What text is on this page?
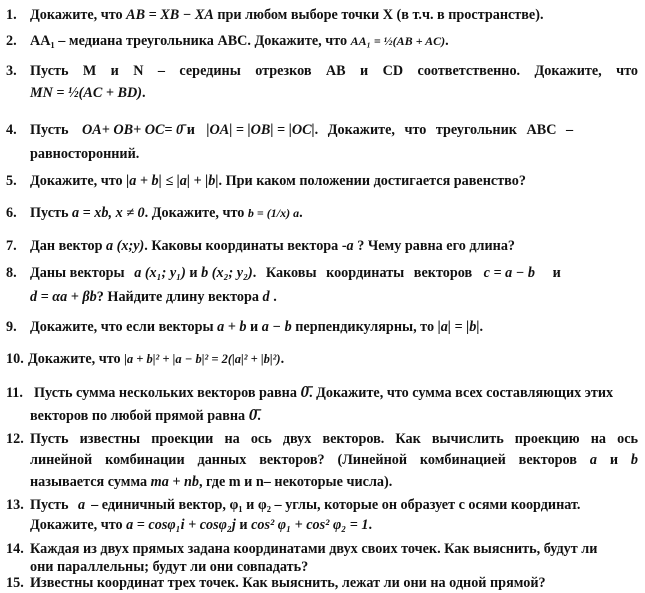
1. Докажите, что AB = XB − XA при любом выборе точки X (в т.ч. в пространстве).
2. AA₁ – медиана треугольника ABC. Докажите, что AA₁ = ½(AB + AC).
3. Пусть M и N – середины отрезков AB и CD соответственно. Докажите, что
MN = ½(AC + BD).
4. Пусть OA+ OB+ OC= 0̄ и |OA| = |OB| = |OC|. Докажите, что треугольник ABC –
равносторонний.
5. Докажите, что |a + b| ≤ |a| + |b|. При каком положении достигается равенство?
6. Пусть a = xb, x ≠ 0. Докажите, что b = (1/x) a.
7. Дан вектор a (x;y). Каковы координаты вектора -a ? Чему равна его длина?
8. Даны векторы a (x₁; y₁) и b (x₂; y₂). Каковы координаты векторов c = a − b и
d = αa + βb? Найдите длину вектора d .
9. Докажите, что если векторы a + b и a − b перпендикулярны, то |a| = |b|.
10. Докажите, что |a + b|² + |a − b|² = 2(|a|² + |b|²).
11. Пусть сумма нескольких векторов равна 0̄. Докажите, что сумма всех составляющих этих
векторов по любой прямой равна 0̄.
12. Пусть известны проекции на ось двух векторов. Как вычислить проекцию на ось
линейной комбинации данных векторов? (Линейной комбинацией векторов a и b
называется сумма ma + nb, где m и n– некоторые числа).
13. Пусть a – единичный вектор, φ₁ и φ₂ – углы, которые он образует с осями координат.
Докажите, что a = cosφ₁i + cosφ₂j и cos² φ₁ + cos² φ₂ = 1.
14. Каждая из двух прямых задана координатами двух своих точек. Как выяснить, будут ли
они параллельны; будут ли они совпадать?
15. Известны координат трех точек. Как выяснить, лежат ли они на одной прямой?
